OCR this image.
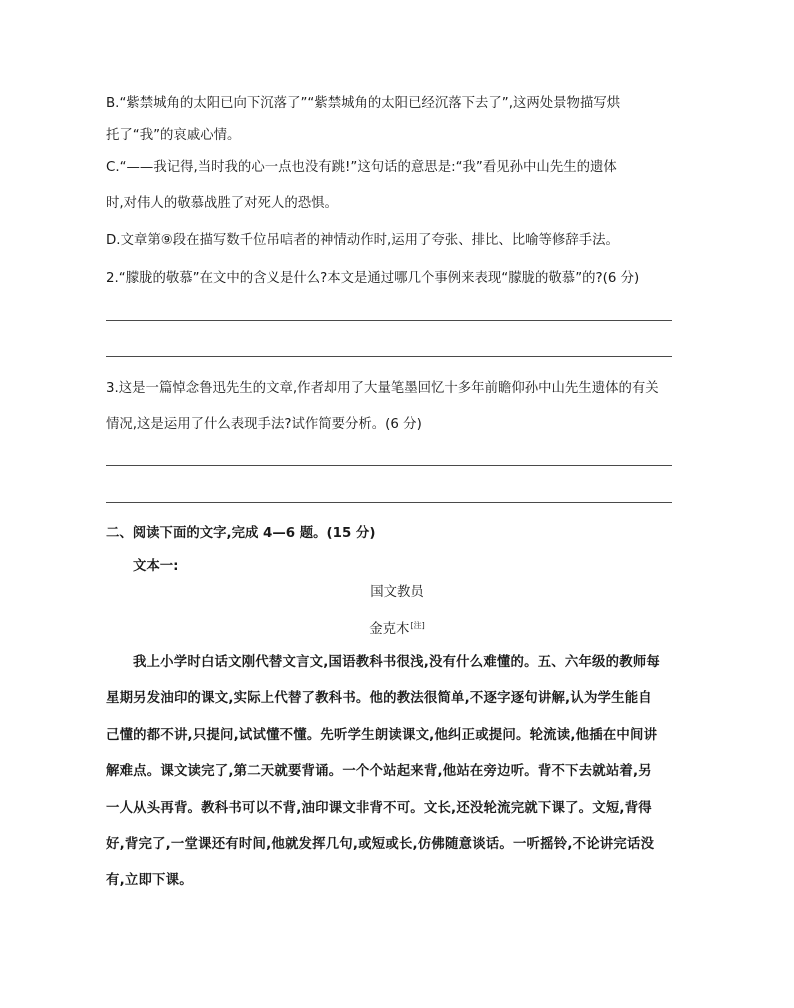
B.“紫禁城角的太阳已向下沉落了”“紫禁城角的太阳已经沉落下去了”,这两处景物描写烘
托了“我”的哀戚心情。
C.“——我记得,当时我的心一点也没有跳!”这句话的意思是:“我”看见孙中山先生的遗体
时,对伟人的敬慕战胜了对死人的恐惧。
D.文章第⑨段在描写数千位吊唁者的神情动作时,运用了夸张、排比、比喻等修辞手法。
2.“朦胧的敬慕”在文中的含义是什么?本文是通过哪几个事例来表现“朦胧的敬慕”的?(6 分)
3.这是一篇悼念鲁迅先生的文章,作者却用了大量笔墨回忆十多年前瞻仰孙中山先生遗体的有关
情况,这是运用了什么表现手法?试作简要分析。(6 分)
二、阅读下面的文字,完成 4—6 题。(15 分)
文本一:
国文教员
金克木[注]
我上小学时白话文刚代替文言文,国语教科书很浅,没有什么难懂的。五、六年级的教师每
星期另发油印的课文,实际上代替了教科书。他的教法很简单,不逐字逐句讲解,认为学生能自
己懂的都不讲,只提问,试试懂不懂。先听学生朗读课文,他纠正或提问。轮流读,他插在中间讲
解难点。课文读完了,第二天就要背诵。一个个站起来背,他站在旁边听。背不下去就站着,另
一人从头再背。教科书可以不背,油印课文非背不可。文长,还没轮流完就下课了。文短,背得
好,背完了,一堂课还有时间,他就发挥几句,或短或长,仿佛随意谈话。一听摇铃,不论讲完话没
有,立即下课。
